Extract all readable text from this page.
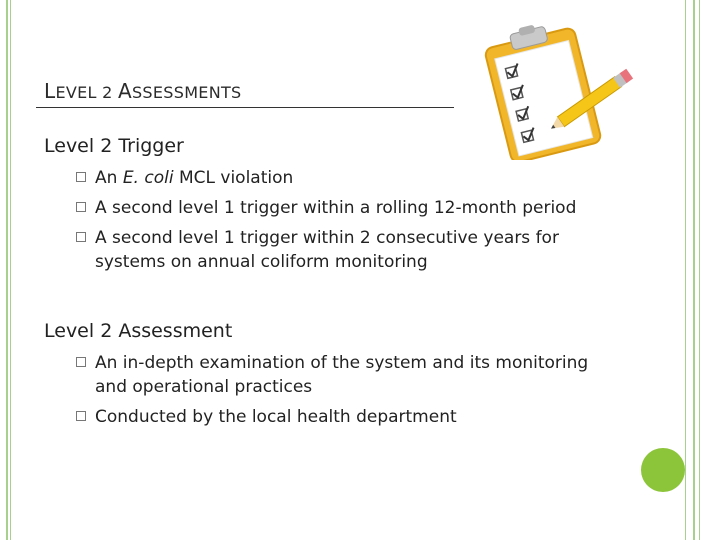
LEVEL 2 ASSESSMENTS
Level 2 Trigger
An E. coli MCL violation
A second level 1 trigger within a rolling 12-month period
A second level 1 trigger within 2 consecutive years for
systems on annual coliform monitoring
Level 2 Assessment
An in-depth examination of the system and its monitoring
and operational practices
Conducted by the local health department
